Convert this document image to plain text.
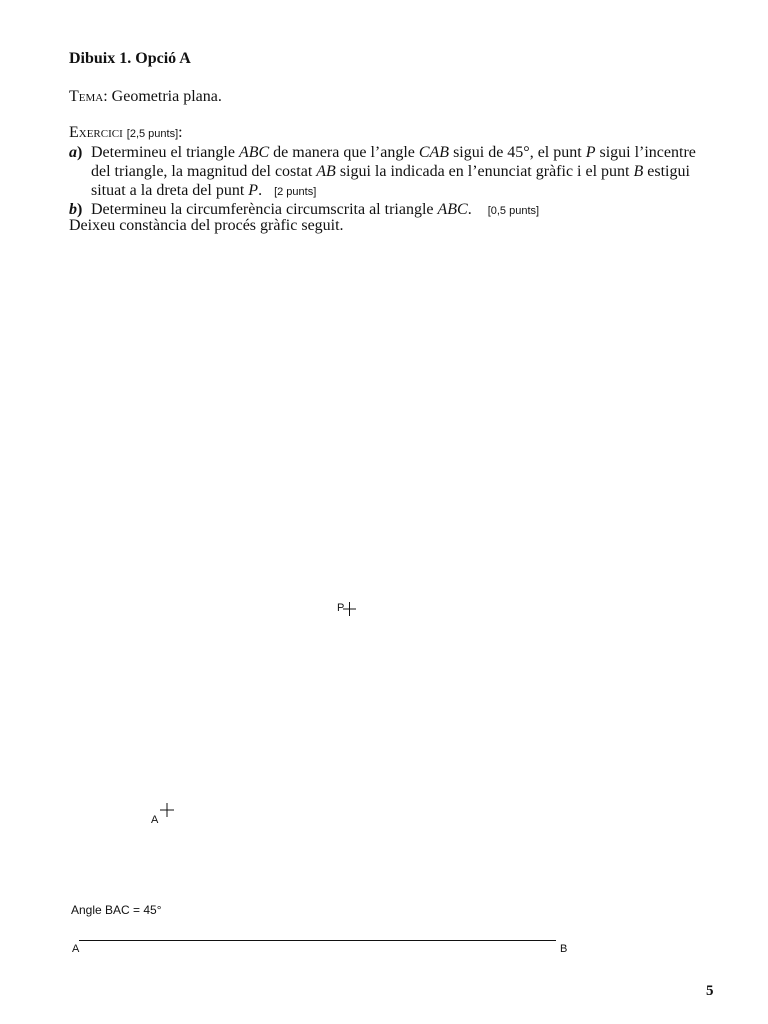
Dibuix 1. Opció A
Tema: Geometria plana.
Exercici [2,5 punts]:
a) Determineu el triangle ABC de manera que l’angle CAB sigui de 45°, el punt P sigui l’incentre del triangle, la magnitud del costat AB sigui la indicada en l’enunciat gràfic i el punt B estigui situat a la dreta del punt P. [2 punts]
b) Determineu la circumferència circumscrita al triangle ABC. [0,5 punts]
Deixeu constància del procés gràfic seguit.
P
A
A	B
Angle BAC = 45°
5
